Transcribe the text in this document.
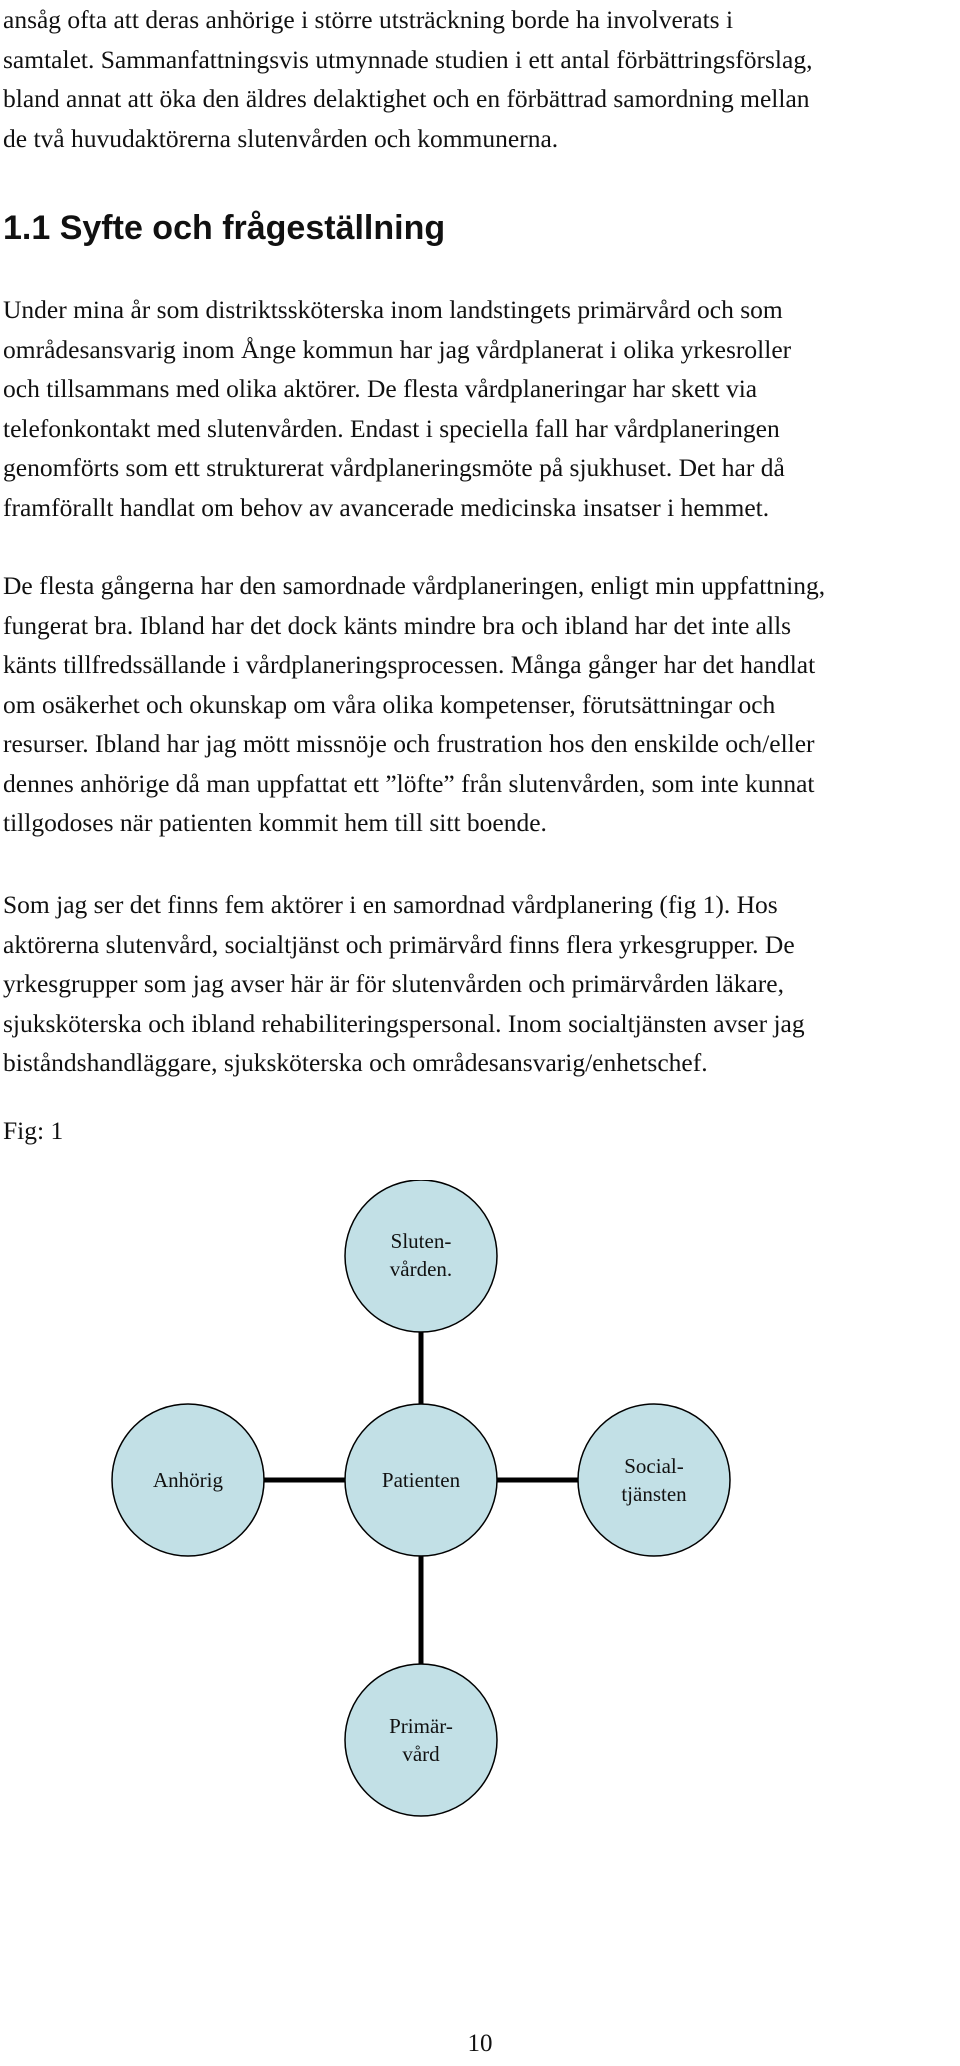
ansåg ofta att deras anhörige i större utsträckning borde ha involverats i
samtalet. Sammanfattningsvis utmynnade studien i ett antal förbättringsförslag,
bland annat att öka den äldres delaktighet och en förbättrad samordning mellan
de två huvudaktörerna slutenvården och kommunerna.
1.1 Syfte och frågeställning
Under mina år som distriktssköterska inom landstingets primärvård och som
områdesansvarig inom Ånge kommun har jag vårdplanerat i olika yrkesroller
och tillsammans med olika aktörer. De flesta vårdplaneringar har skett via
telefonkontakt med slutenvården. Endast i speciella fall har vårdplaneringen
genomförts som ett strukturerat vårdplaneringsmöte på sjukhuset. Det har då
framförallt handlat om behov av avancerade medicinska insatser i hemmet.
De flesta gångerna har den samordnade vårdplaneringen, enligt min uppfattning,
fungerat bra. Ibland har det dock känts mindre bra och ibland har det inte alls
känts tillfredssällande i vårdplaneringsprocessen. Många gånger har det handlat
om osäkerhet och okunskap om våra olika kompetenser, förutsättningar och
resurser. Ibland har jag mött missnöje och frustration hos den enskilde och/eller
dennes anhörige då man uppfattat ett ”löfte” från slutenvården, som inte kunnat
tillgodoses när patienten kommit hem till sitt boende.
Som jag ser det finns fem aktörer i en samordnad vårdplanering (fig 1). Hos
aktörerna slutenvård, socialtjänst och primärvård finns flera yrkesgrupper. De
yrkesgrupper som jag avser här är för slutenvården och primärvården läkare,
sjuksköterska och ibland rehabiliteringspersonal. Inom socialtjänsten avser jag
biståndshandläggare, sjuksköterska och områdesansvarig/enhetschef.
Fig: 1
Sluten-
vården.
Anhörig	Patienten
Social-
tjänsten
Primär-
vård
10
